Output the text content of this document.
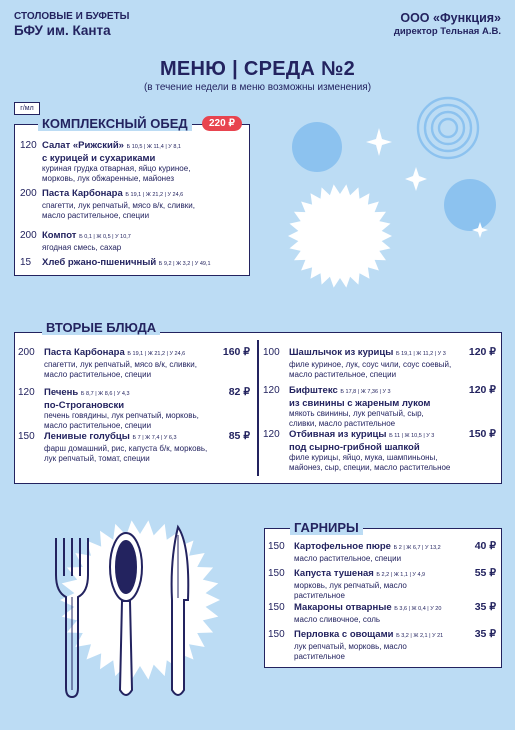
СТОЛОВЫЕ И БУФЕТЫ
БФУ им. Канта
ООО «Функция»
директор Тельная А.В.
МЕНЮ | СРЕДА №2
(в течение недели в меню возможны изменения)
г/мл
КОМПЛЕКСНЫЙ ОБЕД	220 ₽
120 Салат «Рижский» Б 10,5 | Ж 11,4 | У 8,1
с курицей и сухариками
куриная грудка отварная, яйцо куриное,
морковь, лук обжаренные, майонез
200 Паста Карбонара Б 19,1 | Ж 21,2 | У 24,6
спагетти, лук репчатый, мясо в/к, сливки,
масло растительное, специи
200 Компот Б 0,1 | Ж 0,5 | У 10,7
ягодная смесь, сахар
15 Хлеб ржано-пшеничный Б 9,2 | Ж 3,2 | У 49,1
ВТОРЫЕ БЛЮДА
200 Паста Карбонара Б 19,1 | Ж 21,2 | У 24,6
спагетти, лук репчатый, мясо в/к, сливки,
масло растительное, специи
160 ₽
120 Печень Б 8,7 | Ж 8,6 | У 4,3
по-Строгановски
печень говядины, лук репчатый, морковь,
масло растительное, специи
82 ₽
150 Ленивые голубцы Б 7 | Ж 7,4 | У 6,3
фарш домашний, рис, капуста б/к, морковь,
лук репчатый, томат, специи
85 ₽
100 Шашлычок из курицы Б 19,1 | Ж 11,2 | У 3
филе куриное, лук, соус чили, соус соевый,
масло растительное, специи
120 ₽
120 Бифштекс Б 17,8 | Ж 7,36 | У 3
из свинины с жареным луком
мякоть свинины, лук репчатый, сыр,
сливки, масло растительное
120 ₽
120 Отбивная из курицы Б 11 | Ж 10,5 | У 3
под сырно-грибной шапкой
филе курицы, яйцо, мука, шампиньоны,
майонез, сыр, специи, масло растительное
150 ₽
ГАРНИРЫ
150 Картофельное пюре Б 2 | Ж 6,7 | У 13,2
масло растительное, специи
40 ₽
150 Капуста тушеная Б 2,2 | Ж 1,1 | У 4,9
морковь, лук репчатый, масло
растительное
55 ₽
150 Макароны отварные Б 3,6 | Ж 0,4 | У 20
масло сливочное, соль
35 ₽
150 Перловка с овощами Б 3,2 | Ж 2,1 | У 21
лук репчатый, морковь, масло
растительное
35 ₽
